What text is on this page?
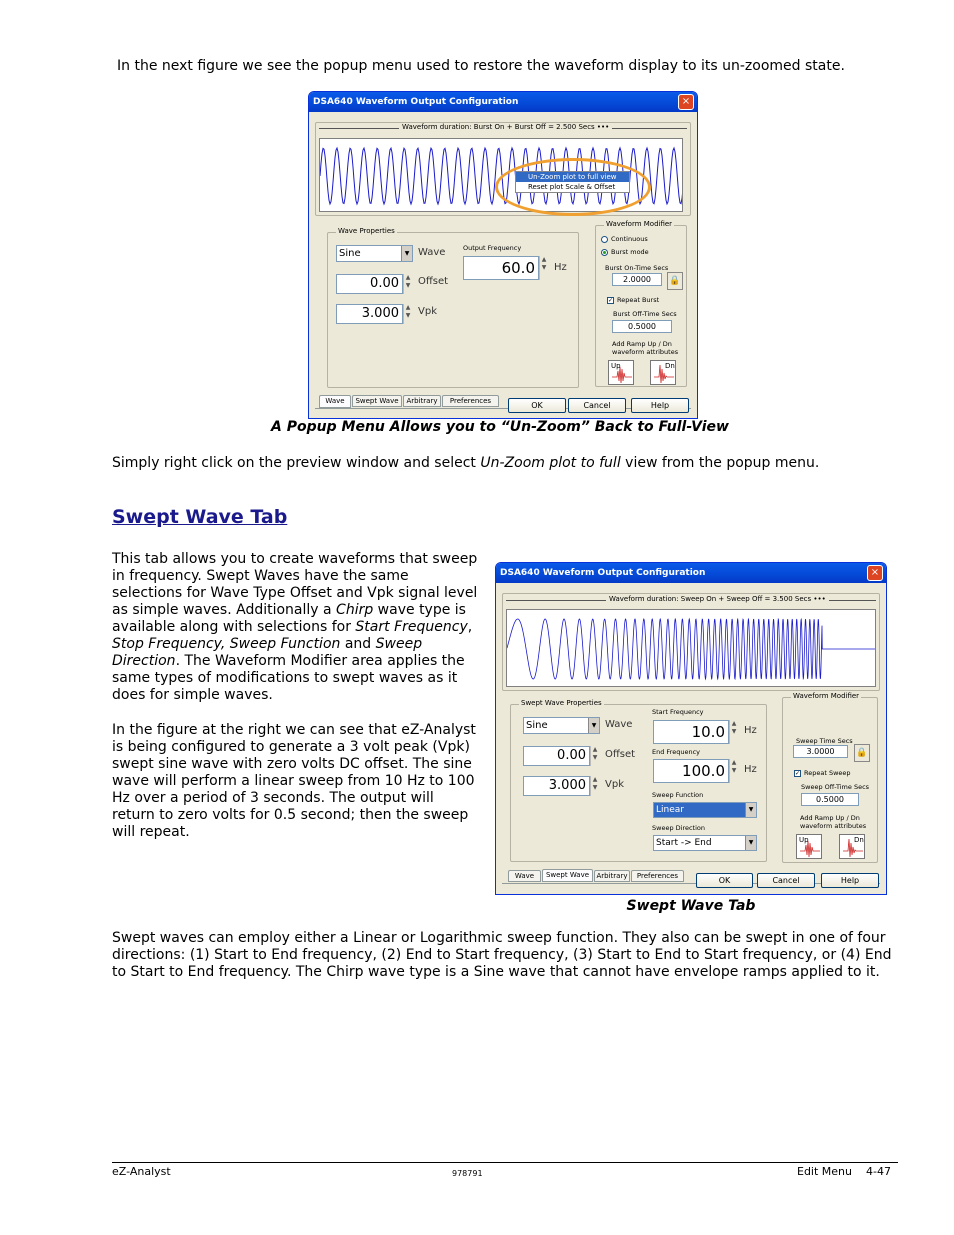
In the next figure we see the popup menu used to restore the waveform display to its un-zoomed state.
DSA640 Waveform Output Configuration	×
Waveform duration: Burst On + Burst Off = 2.500 Secs •••
Un-Zoom plot to full view
Reset plot Scale & Offset
Wave Properties
Sine	▼ Wave
0.00	▲
▼ Offset
3.000	▲
▼ Vpk
Output Frequency
60.0	▲
▼ Hz
Waveform Modifier
Continuous
Burst mode
Burst On-Time Secs
2.0000	🔒
✓ Repeat Burst
Burst Off-Time Secs
0.5000
Add Ramp Up / Dn
waveform attributes
Up	Dn
Wave	Swept Wave	Arbitrary	Preferences	OK	Cancel	Help
A Popup Menu Allows you to “Un-Zoom” Back to Full-View
Simply right click on the preview window and select Un-Zoom plot to full view from the popup menu.
Swept Wave Tab
This tab allows you to create waveforms that sweep in frequency. Swept Waves have the same selections for Wave Type Offset and Vpk signal level as simple waves. Additionally a Chirp wave type is available along with selections for Start Frequency, Stop Frequency, Sweep Function and Sweep Direction. The Waveform Modifier area applies the same types of modifications to swept waves as it does for simple waves.
In the figure at the right we can see that eZ-Analyst is being configured to generate a 3 volt peak (Vpk) swept sine wave with zero volts DC offset. The sine wave will perform a linear sweep from 10 Hz to 100 Hz over a period of 3 seconds. The output will return to zero volts for 0.5 second; then the sweep will repeat.
DSA640 Waveform Output Configuration	×
Waveform duration: Sweep On + Sweep Off = 3.500 Secs •••
Swept Wave Properties
Sine	▼ Wave
0.00	▲
▼ Offset
3.000	▲
▼ Vpk
Start Frequency
10.0	▲
▼ Hz
End Frequency
100.0	▲
▼ Hz
Sweep Function
Linear	▼
Sweep Direction
Start -> End	▼
Waveform Modifier
Sweep Time Secs
3.0000	🔒
✓ Repeat Sweep
Sweep Off-Time Secs
0.5000
Add Ramp Up / Dn
waveform attributes
Up	Dn
Wave	Swept Wave	Arbitrary	Preferences	OK	Cancel	Help
Swept Wave Tab
Swept waves can employ either a Linear or Logarithmic sweep function. They also can be swept in one of four directions: (1) Start to End frequency, (2) End to Start frequency, (3) Start to End to Start frequency, or (4) End to Start to End frequency. The Chirp wave type is a Sine wave that cannot have envelope ramps applied to it.
eZ-Analyst	978791	Edit Menu    4-47
